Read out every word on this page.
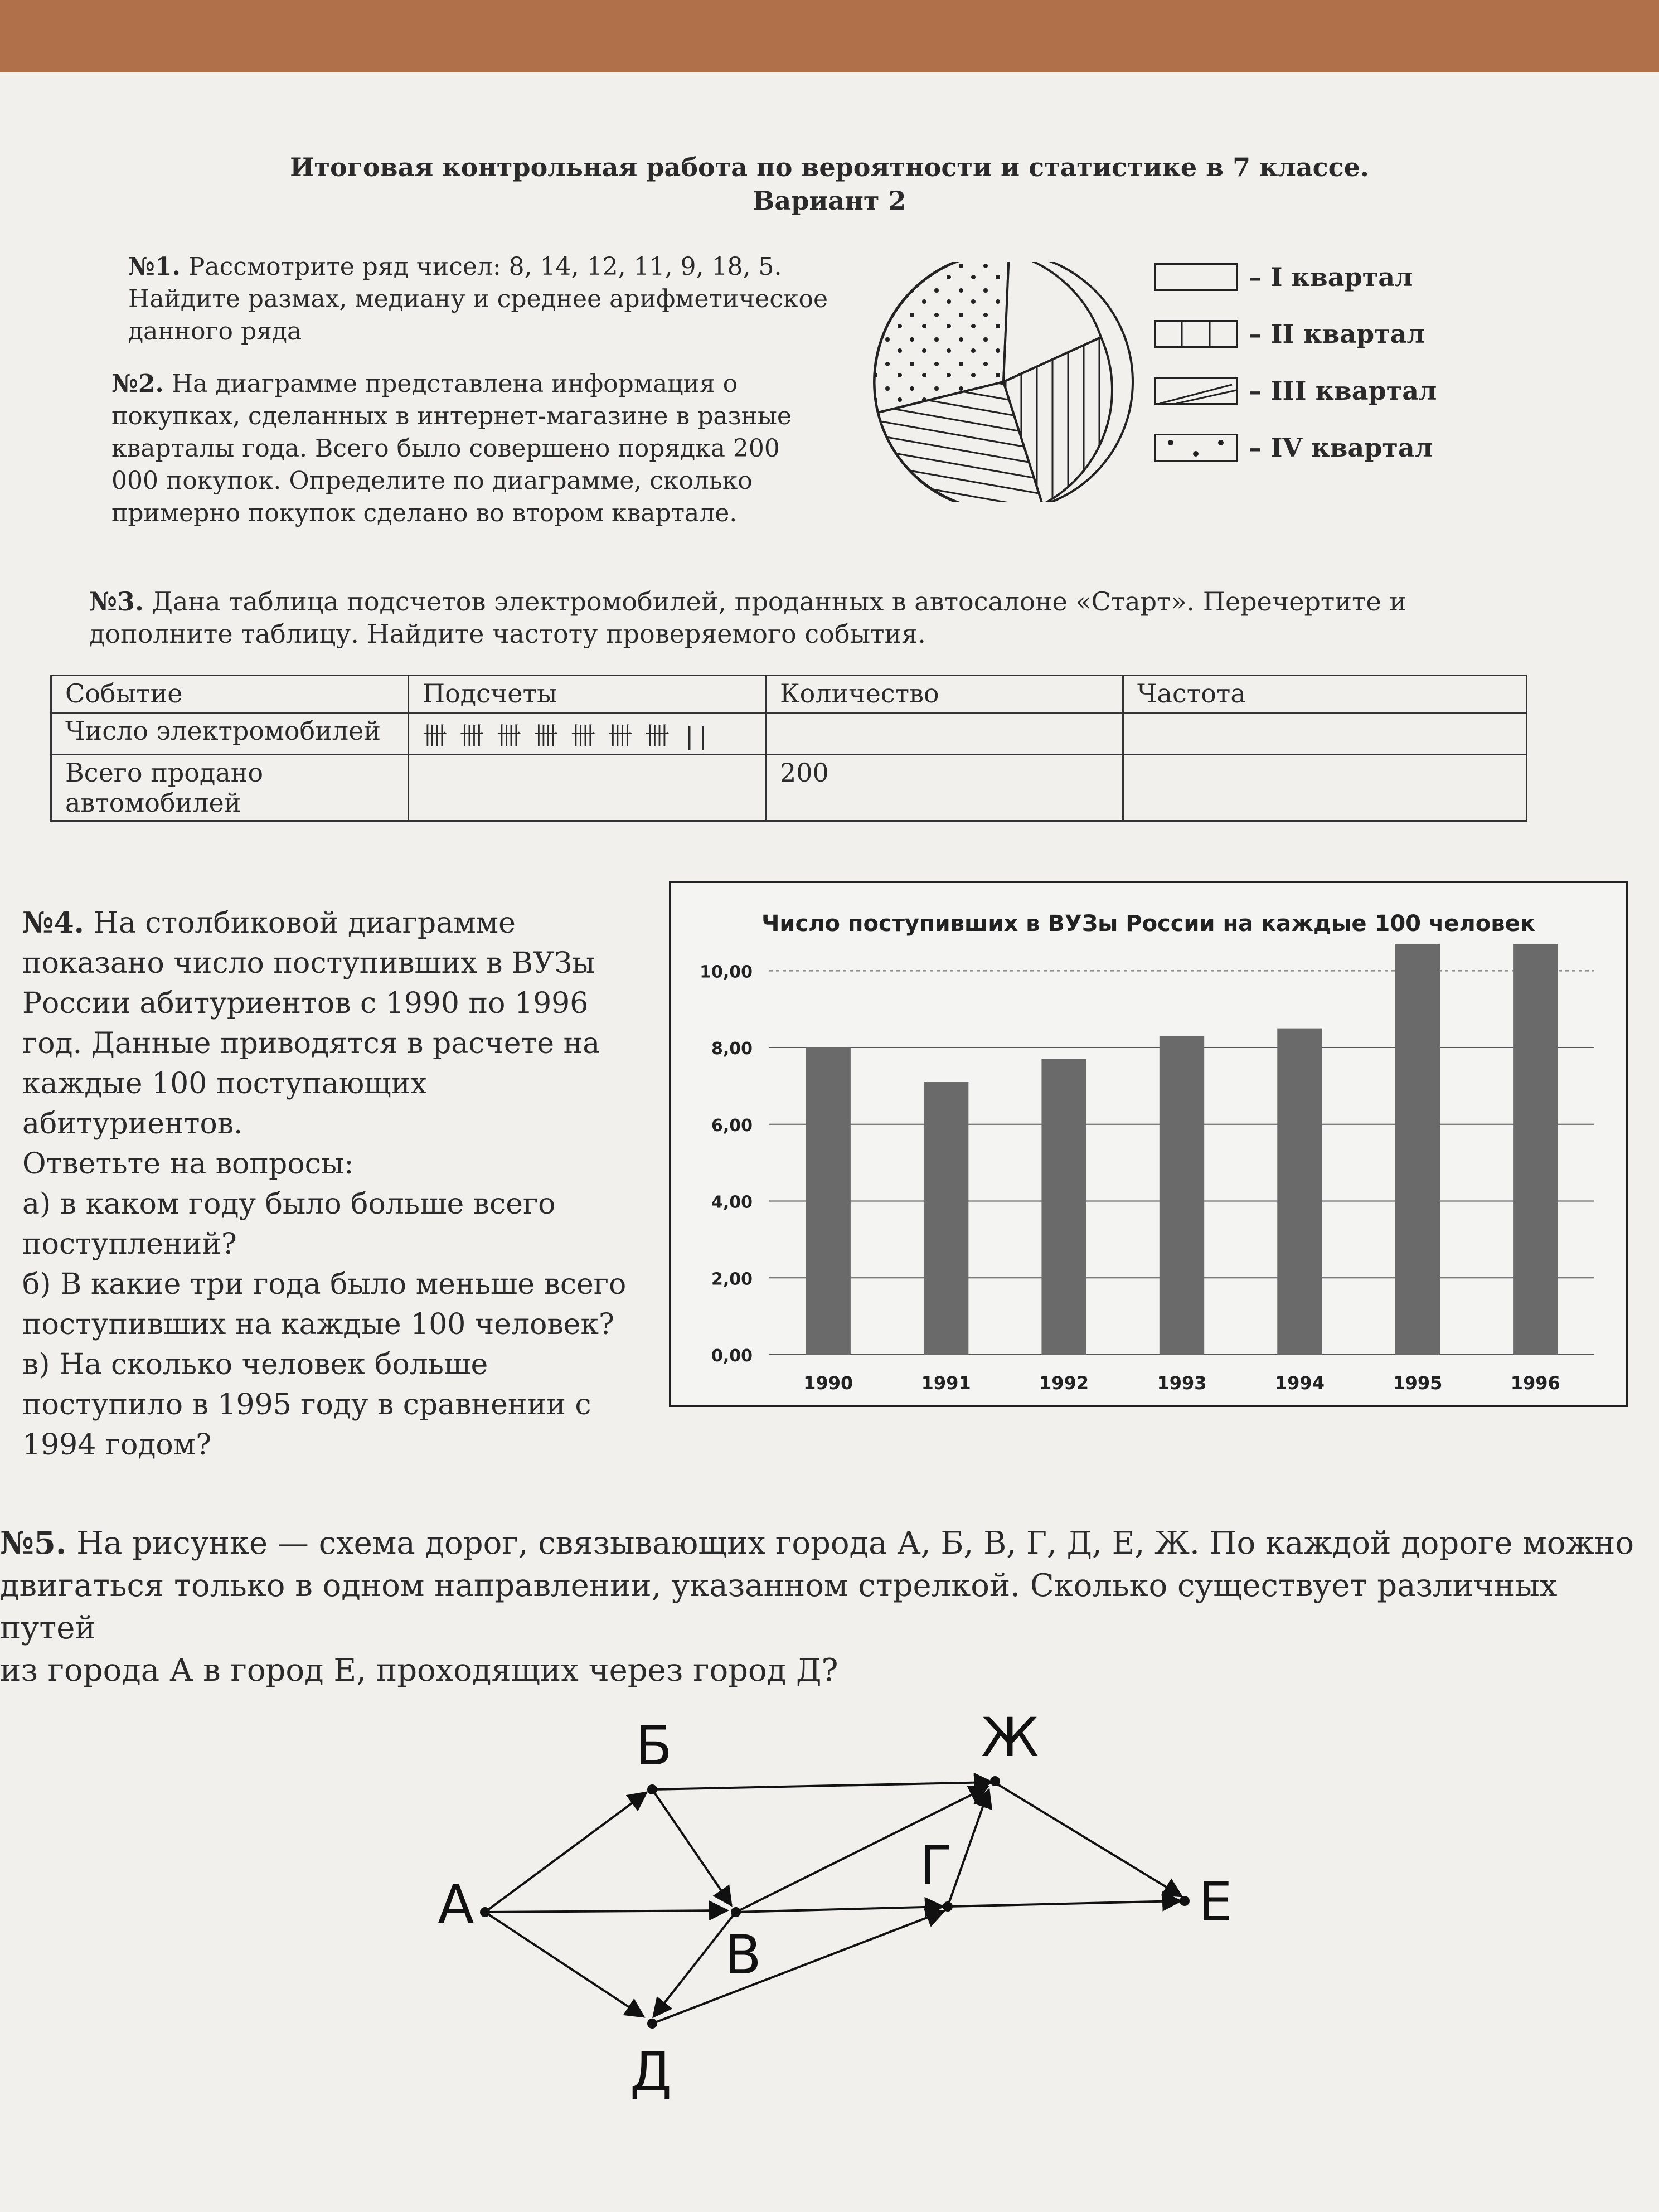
Итоговая контрольная работа по вероятности и статистике в 7 классе.
Вариант 2
№1. Рассмотрите ряд чисел: 8, 14, 12, 11, 9, 18, 5.
Найдите размах, медиану и среднее арифметическое
данного ряда
№2. На диаграмме представлена информация о
покупках, сделанных в интернет-магазине в разные
кварталы года. Всего было совершено порядка 200
000 покупок. Определите по диаграмме, сколько
примерно покупок сделано во втором квартале.
– I квартал
– II квартал
– III квартал
– IV квартал
№3. Дана таблица подсчетов электромобилей, проданных в автосалоне «Старт». Перечертите и
дополните таблицу. Найдите частоту проверяемого события.
Событие	Подсчеты	Количество	Частота
Число электромобилей	卌 卌 卌 卌 卌 卌 卌 ||		

Всего продано
автомобилей		200	
№4. На столбиковой диаграмме
показано число поступивших в ВУЗы
России абитуриентов с 1990 по 1996
год. Данные приводятся в расчете на
каждые 100 поступающих
абитуриентов.
Ответьте на вопросы:
а) в каком году было больше всего
поступлений?
б) В какие три года было меньше всего
поступивших на каждые 100 человек?
в) На сколько человек больше
поступило в 1995 году в сравнении с
1994 годом?
Число поступивших в ВУЗы России на каждые 100 человек
0,00
2,00
4,00
6,00
8,00
10,00
1990	1991	1992	1993	1994	1995	1996
№5. На рисунке — схема дорог, связывающих города А, Б, В, Г, Д, Е, Ж. По каждой дороге можно
двигаться только в одном направлении, указанном стрелкой. Сколько существует различных путей
из города А в город Е, проходящих через город Д?
А
Б
В
Г
Д
Е
Ж
